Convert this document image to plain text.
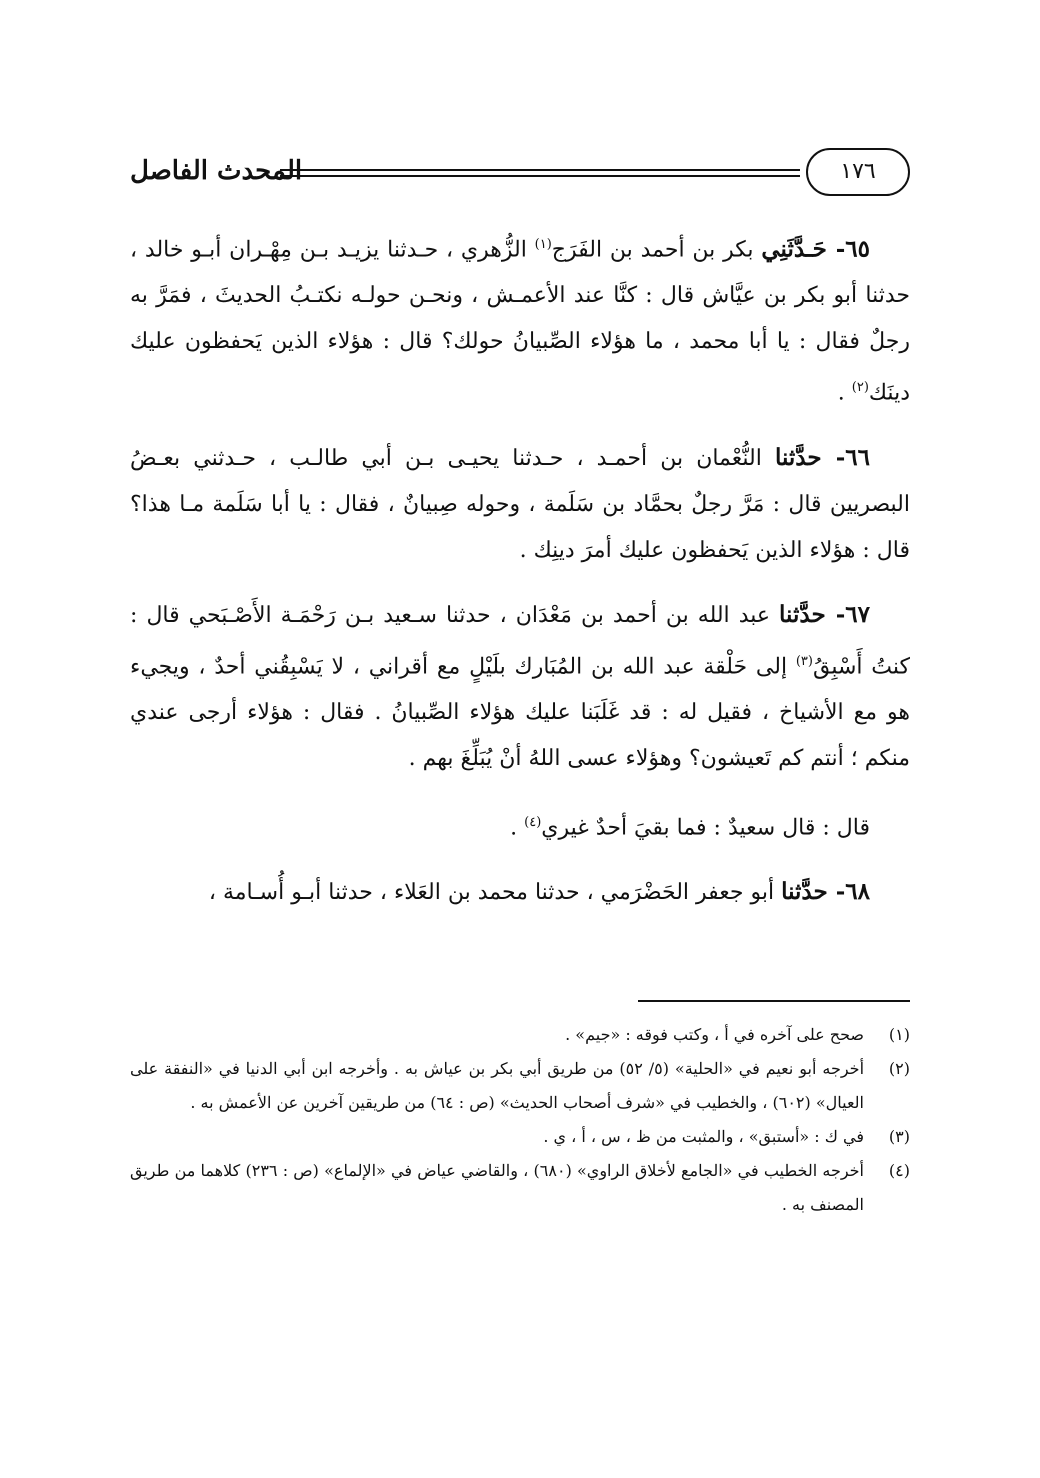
المحدث الفاصل	١٧٦

٦٥- حَـدَّثَنِي بكر بن أحمد بن الفَرَج$^{(١)}$ الزُّهري ، حـدثنا يزيـد بـن مِهْـران أبـو خالد ، حدثنا أبو بكر بن عيَّاش قال : كنَّا عند الأعمـش ، ونحـن حولـه نكتـبُ الحديثَ ، فمَرَّ به رجلٌ فقال : يا أبا محمد ، ما هؤلاء الصِّبيانُ حولك؟ قال : هؤلاء الذين يَحفظون عليك دينَك$^{(٢)}$ .

٦٦- حدَّثنا النُّعْمان بن أحمـد ، حـدثنا يحيـى بـن أبي طالـب ، حـدثني بعـضُ البصريين قال : مَرَّ رجلٌ بحمَّاد بن سَلَمة ، وحوله صِبيانٌ ، فقال : يا أبا سَلَمة مـا هذا؟ قال : هؤلاء الذين يَحفظون عليك أمرَ دينِك .

٦٧- حدَّثنا عبد الله بن أحمد بن مَعْدَان ، حدثنا سـعيد بـن رَحْمَـة الأَصْـبَحي قال : كنتُ أَسْبِقُ$^{(٣)}$ إلى حَلْقة عبد الله بن المُبَارك بلَيْلٍ مع أقراني ، لا يَسْبِقُني أحدٌ ، ويجيء هو مع الأشياخ ، فقيل له : قد غَلَبَنا عليك هؤلاء الصِّبيانُ . فقال : هؤلاء أرجى عندي منكم ؛ أنتم كم تَعيشون؟ وهؤلاء عسى اللهُ أنْ يُبَلِّغَ بهم .

قال : قال سعيدٌ : فما بقيَ أحدٌ غيري$^{(٤)}$ .

٦٨- حدَّثنا أبو جعفر الحَضْرَمي ، حدثنا محمد بن العَلاء ، حدثنا أبـو أُسـامة ،

(١)صحح على آخره في أ ، وكتب فوقه : «جيم» .

(٢)أخرجه أبو نعيم في «الحلية» (٥/ ٥٢) من طريق أبي بكر بن عياش به . وأخرجه ابن أبي الدنيا في «النفقة على العيال» (٦٠٢) ، والخطيب في «شرف أصحاب الحديث» (ص : ٦٤) من طريقين آخرين عن الأعمش به .

(٣)في ك : «أستبق» ، والمثبت من ظ ، س ، أ ، ي .

(٤)أخرجه الخطيب في «الجامع لأخلاق الراوي» (٦٨٠) ، والقاضي عياض في «الإلماع» (ص : ٢٣٦) كلاهما من طريق المصنف به .
